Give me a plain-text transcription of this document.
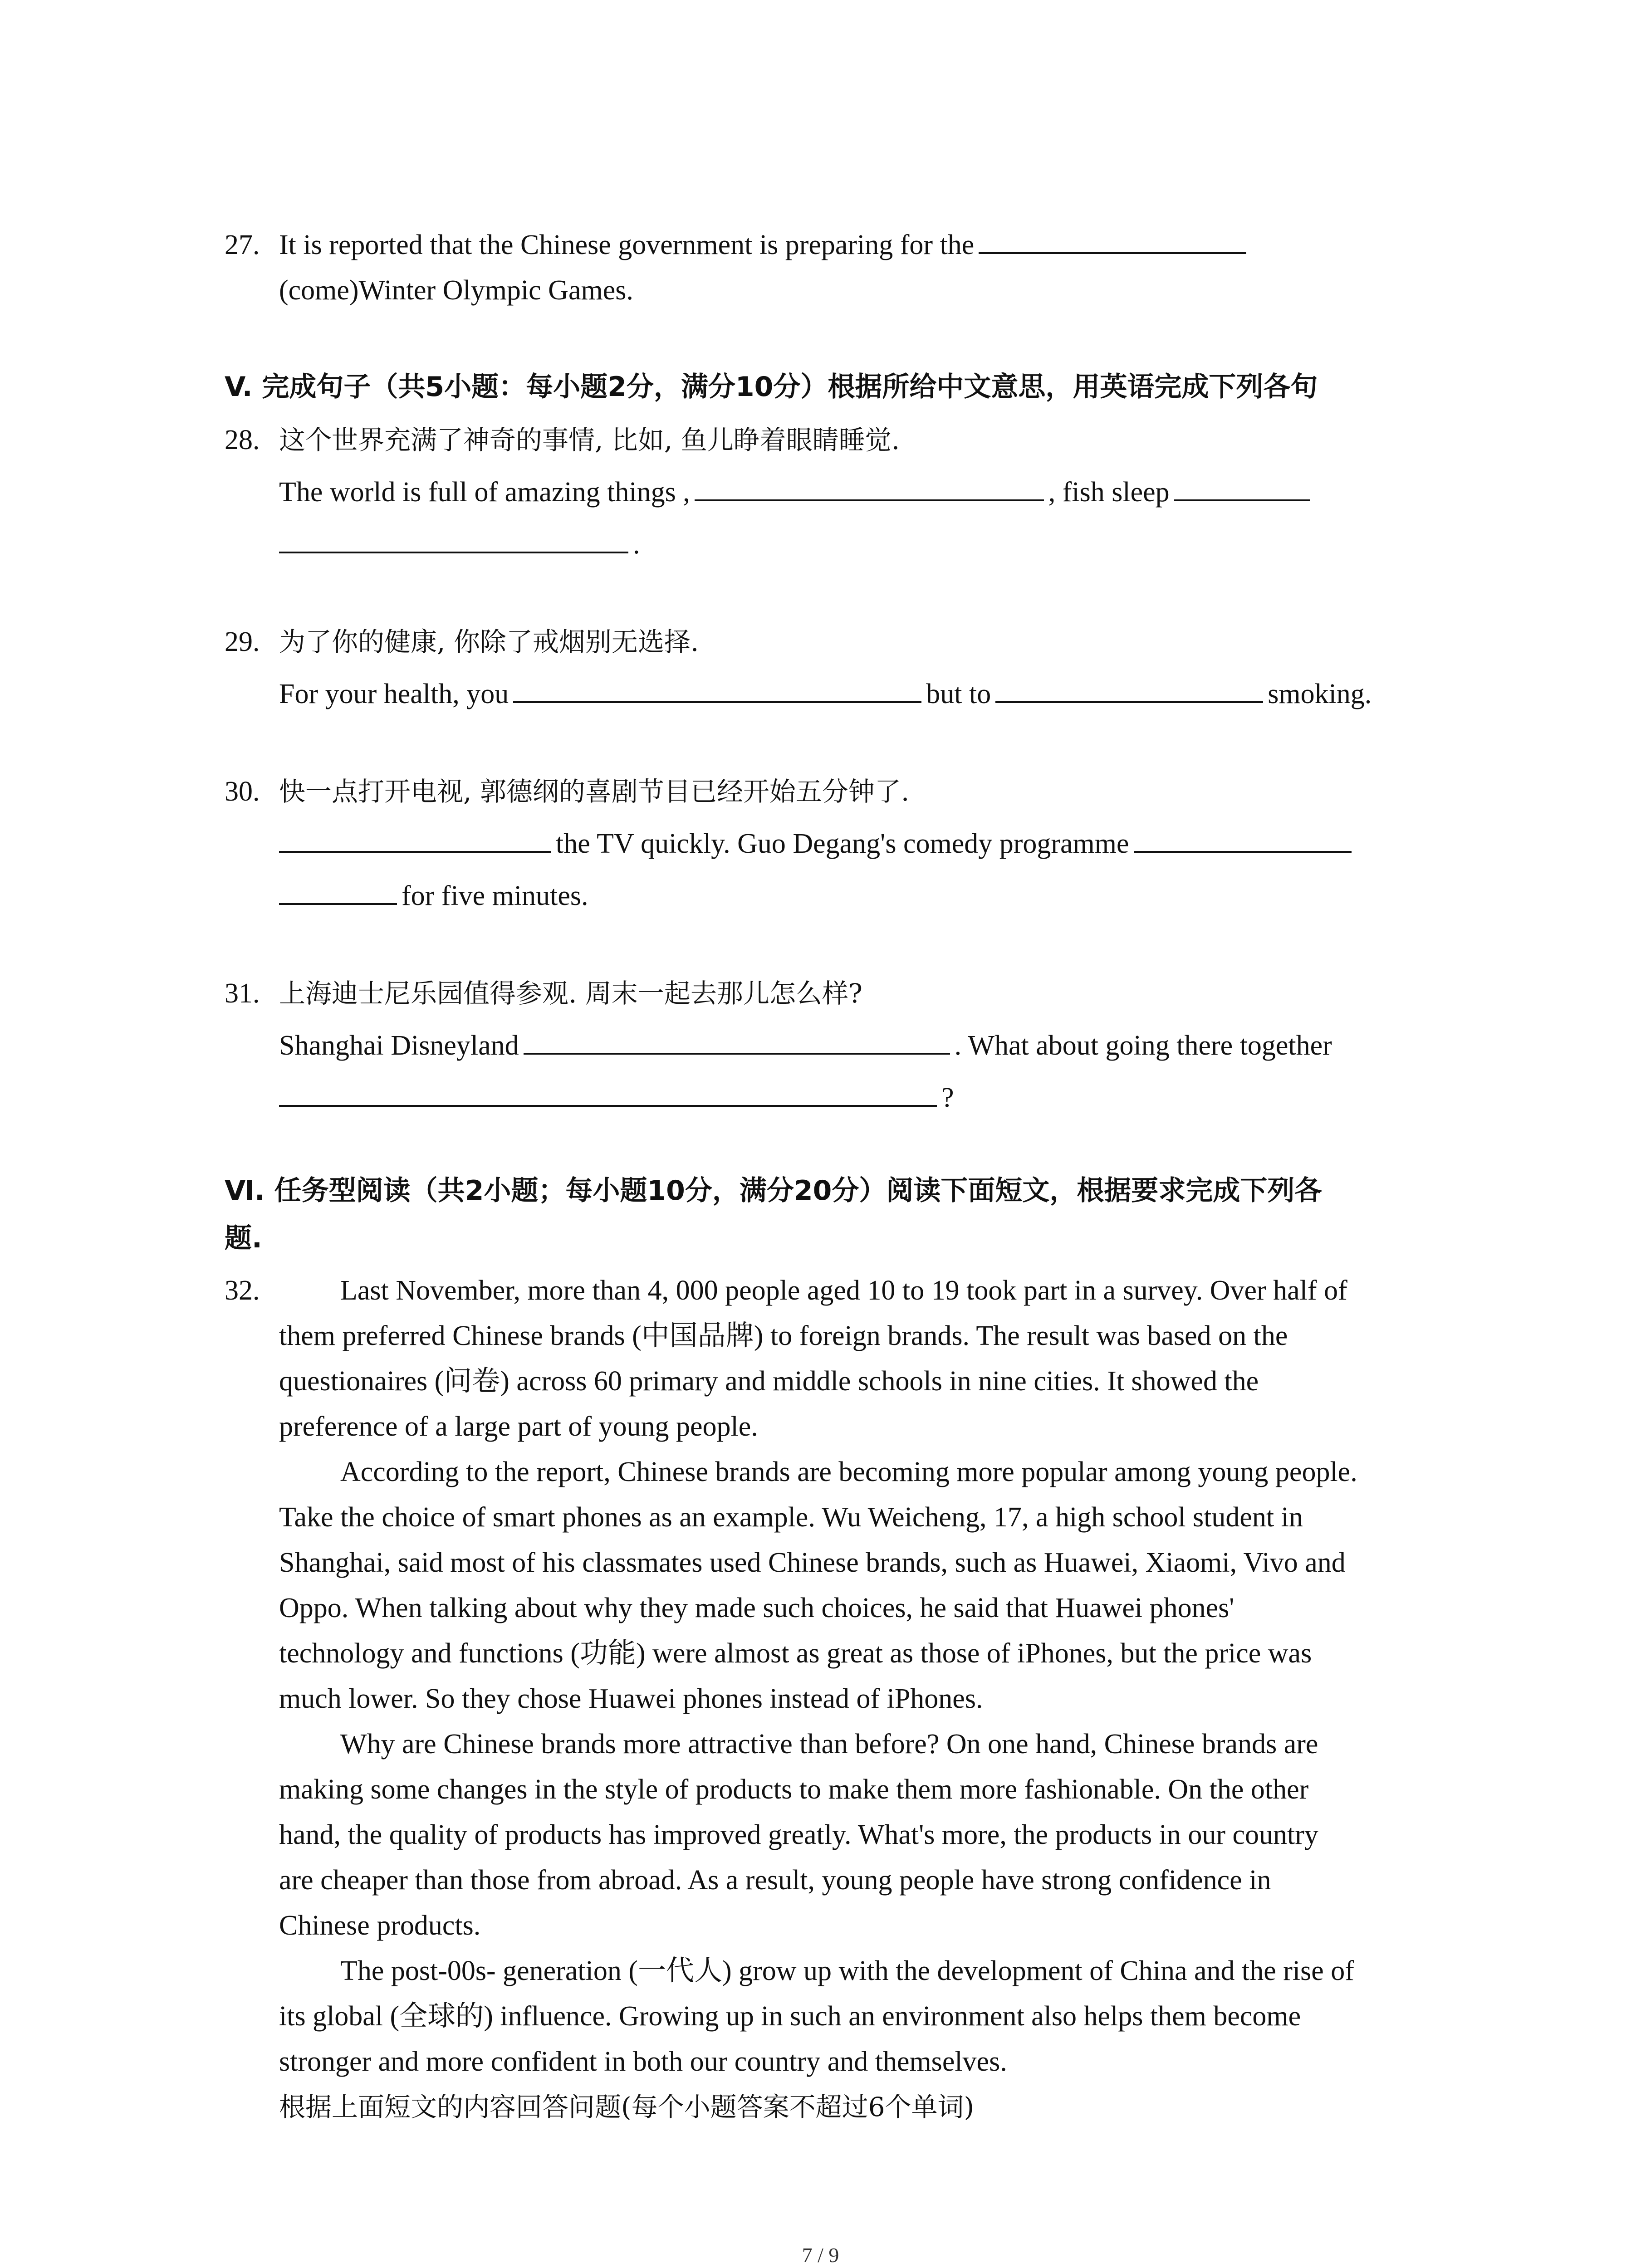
27. It is reported that the Chinese government is preparing for the
(come)Winter Olympic Games.
V. 完成句子（共5小题：每小题2分，满分10分）根据所给中文意思，用英语完成下列各句
28. 这个世界充满了神奇的事情, 比如, 鱼儿睁着眼睛睡觉.
The world is full of amazing things ,	, fish sleep
.
29. 为了你的健康, 你除了戒烟别无选择.
For your health, you	but to	smoking.
30. 快一点打开电视, 郭德纲的喜剧节目已经开始五分钟了.
the TV quickly. Guo Degang's comedy programme
for five minutes.
31. 上海迪士尼乐园值得参观. 周末一起去那儿怎么样?
Shanghai Disneyland	. What about going there together
?
Ⅵ. 任务型阅读（共2小题；每小题10分，满分20分）阅读下面短文，根据要求完成下列各
题.
32.	Last November, more than 4, 000 people aged 10 to 19 took part in a survey. Over half of
them preferred Chinese brands (中国品牌) to foreign brands. The result was based on the
questionaires (问卷) across 60 primary and middle schools in nine cities. It showed the
preference of a large part of young people.
According to the report, Chinese brands are becoming more popular among young people.
Take the choice of smart phones as an example. Wu Weicheng, 17, a high school student in
Shanghai, said most of his classmates used Chinese brands, such as Huawei, Xiaomi, Vivo and
Oppo. When talking about why they made such choices, he said that Huawei phones'
technology and functions (功能) were almost as great as those of iPhones, but the price was
much lower. So they chose Huawei phones instead of iPhones.
Why are Chinese brands more attractive than before? On one hand, Chinese brands are
making some changes in the style of products to make them more fashionable. On the other
hand, the quality of products has improved greatly. What's more, the products in our country
are cheaper than those from abroad. As a result, young people have strong confidence in
Chinese products.
The post-00s- generation (一代人) grow up with the development of China and the rise of
its global (全球的) influence. Growing up in such an environment also helps them become
stronger and more confident in both our country and themselves.
根据上面短文的内容回答问题(每个小题答案不超过6个单词)
7 / 9
